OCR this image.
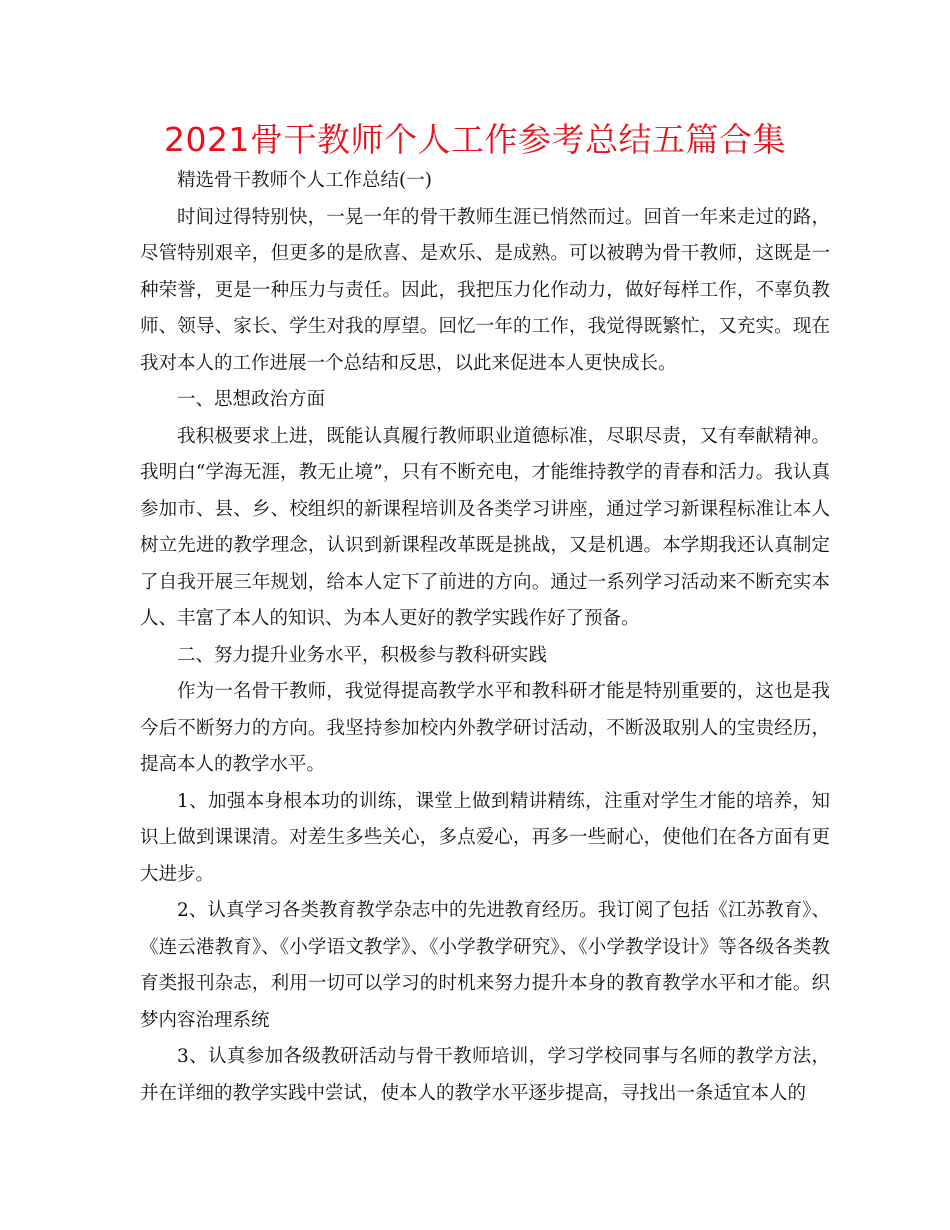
2021骨干教师个人工作参考总结五篇合集

精选骨干教师个人工作总结(一)

时间过得特别快，一晃一年的骨干教师生涯已悄然而过。回首一年来走过的路，尽管特别艰辛，但更多的是欣喜、是欢乐、是成熟。可以被聘为骨干教师，这既是一种荣誉，更是一种压力与责任。因此，我把压力化作动力，做好每样工作，不辜负教师、领导、家长、学生对我的厚望。回忆一年的工作，我觉得既繁忙，又充实。现在我对本人的工作进展一个总结和反思，以此来促进本人更快成长。

一、思想政治方面

我积极要求上进，既能认真履行教师职业道德标准，尽职尽责，又有奉献精神。我明白“学海无涯，教无止境”，只有不断充电，才能维持教学的青春和活力。我认真参加市、县、乡、校组织的新课程培训及各类学习讲座，通过学习新课程标准让本人树立先进的教学理念，认识到新课程改革既是挑战，又是机遇。本学期我还认真制定了自我开展三年规划，给本人定下了前进的方向。通过一系列学习活动来不断充实本人、丰富了本人的知识、为本人更好的教学实践作好了预备。

二、努力提升业务水平，积极参与教科研实践

作为一名骨干教师，我觉得提高教学水平和教科研才能是特别重要的，这也是我今后不断努力的方向。我坚持参加校内外教学研讨活动，不断汲取别人的宝贵经历，提高本人的教学水平。

1、加强本身根本功的训练，课堂上做到精讲精练，注重对学生才能的培养，知识上做到课课清。对差生多些关心，多点爱心，再多一些耐心，使他们在各方面有更大进步。

2、认真学习各类教育教学杂志中的先进教育经历。我订阅了包括《江苏教育》、《连云港教育》、《小学语文教学》、《小学教学研究》、《小学教学设计》等各级各类教育类报刊杂志，利用一切可以学习的时机来努力提升本身的教育教学水平和才能。织梦内容治理系统

3、认真参加各级教研活动与骨干教师培训，学习学校同事与名师的教学方法，并在详细的教学实践中尝试，使本人的教学水平逐步提高，寻找出一条适宜本人的
